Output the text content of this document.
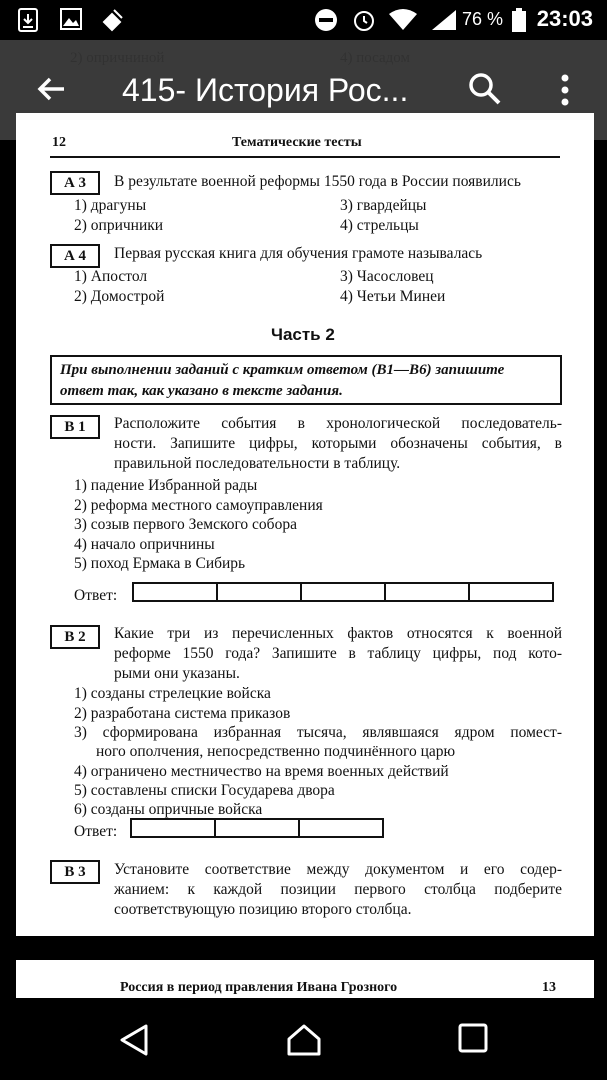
76 % 23:03
415- История Рос...
12	Тематические тесты
А 3	В результате военной реформы 1550 года в России появились
1) драгуны
2) опричники
3) гвардейцы
4) стрельцы
А 4	Первая русская книга для обучения грамоте называлась
1) Апостол
2) Домострой
3) Часословец
4) Четьи Минеи
Часть 2
При выполнении заданий с кратким ответом (В1—В6) запишите
ответ так, как указано в тексте задания.
В 1	Расположите события в хронологической последователь-
ности. Запишите цифры, которыми обозначены события, в
правильной последовательности в таблицу.
1) падение Избранной рады
2) реформа местного самоуправления
3) созыв первого Земского собора
4) начало опричнины
5) поход Ермака в Сибирь
Ответ:
В 2	Какие три из перечисленных фактов относятся к военной
реформе 1550 года? Запишите в таблицу цифры, под кото-
рыми они указаны.
1) созданы стрелецкие войска
2) разработана система приказов
3) сформирована избранная тысяча, являвшаяся ядром помест-
ного ополчения, непосредственно подчинённого царю
4) ограничено местничество на время военных действий
5) составлены списки Государева двора
6) созданы опричные войска
Ответ:
В 3	Установите соответствие между документом и его содер-
жанием: к каждой позиции первого столбца подберите
соответствующую позицию второго столбца.
Россия в период правления Ивана Грозного	13
